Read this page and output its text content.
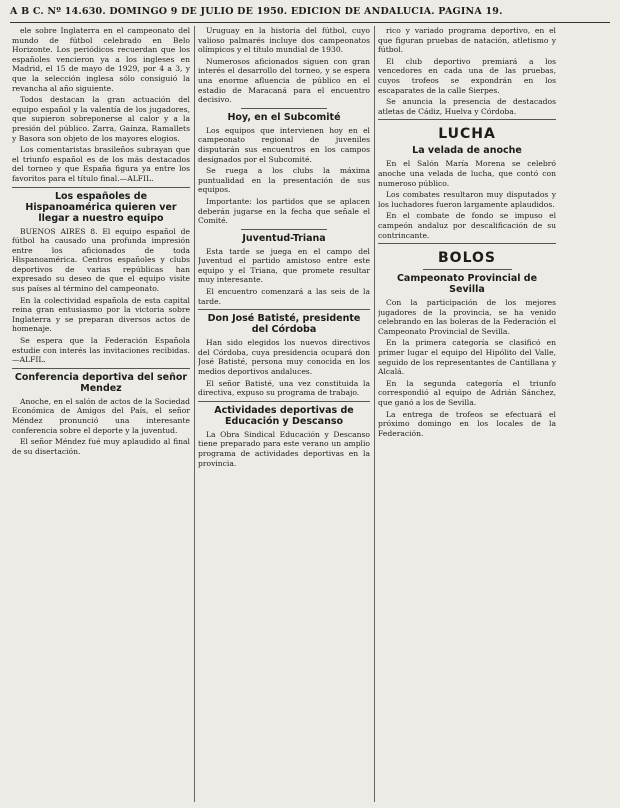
A B C. Nº 14.630. DOMINGO 9 DE JULIO DE 1950. EDICION DE ANDALUCIA. PAGINA 19.

ele sobre Inglaterra en el campeonato del mundo de fútbol celebrado en Belo Horizonte. Los periódicos recuerdan que los españoles vencieron ya a los ingleses en Madrid, el 15 de mayo de 1929, por 4 a 3, y que la selección inglesa sólo consiguió la revancha al año siguiente.

Todos destacan la gran actuación del equipo español y la valentía de los jugadores, que supieron sobreponerse al calor y a la presión del público. Zarra, Gaínza, Ramallets y Basora son objeto de los mayores elogios.

Los comentaristas brasileños subrayan que el triunfo español es de los más destacados del torneo y que España figura ya entre los favoritos para el título final.—ALFIL.

Los españoles de Hispanoamérica quieren ver llegar a nuestro equipo

BUENOS AIRES 8. El equipo español de fútbol ha causado una profunda impresión entre los aficionados de toda Hispanoamérica. Centros españoles y clubs deportivos de varias repúblicas han expresado su deseo de que el equipo visite sus países al término del campeonato.

En la colectividad española de esta capital reina gran entusiasmo por la victoria sobre Inglaterra y se preparan diversos actos de homenaje.

Se espera que la Federación Española estudie con interés las invitaciones recibidas.—ALFIL.

Conferencia deportiva del señor Mendez

Anoche, en el salón de actos de la Sociedad Económica de Amigos del País, el señor Méndez pronunció una interesante conferencia sobre el deporte y la juventud.

El señor Méndez fué muy aplaudido al final de su disertación.

Uruguay en la historia del fútbol, cuyo valioso palmarés incluye dos campeonatos olímpicos y el título mundial de 1930.

Numerosos aficionados siguen con gran interés el desarrollo del torneo, y se espera una enorme afluencia de público en el estadio de Maracaná para el encuentro decisivo.

Hoy, en el Subcomité

Los equipos que intervienen hoy en el campeonato regional de juveniles disputarán sus encuentros en los campos designados por el Subcomité.

Se ruega a los clubs la máxima puntualidad en la presentación de sus equipos.

Importante: los partidos que se aplacen deberán jugarse en la fecha que señale el Comité.

Juventud-Triana

Esta tarde se juega en el campo del Juventud el partido amistoso entre este equipo y el Triana, que promete resultar muy interesante.

El encuentro comenzará a las seis de la tarde.

Don José Batisté, presidente del Córdoba

Han sido elegidos los nuevos directivos del Córdoba, cuya presidencia ocupará don José Batisté, persona muy conocida en los medios deportivos andaluces.

El señor Batisté, una vez constituida la directiva, expuso su programa de trabajo.

Actividades deportivas de Educación y Descanso

La Obra Sindical Educación y Descanso tiene preparado para este verano un amplio programa de actividades deportivas en la provincia.

rico y variado programa deportivo, en el que figuran pruebas de natación, atletismo y fútbol.

El club deportivo premiará a los vencedores en cada una de las pruebas, cuyos trofeos se expondrán en los escaparates de la calle Sierpes.

Se anuncia la presencia de destacados atletas de Cádiz, Huelva y Córdoba.

LUCHA
La velada de anoche

En el Salón María Morena se celebró anoche una velada de lucha, que contó con numeroso público.

Los combates resultaron muy disputados y los luchadores fueron largamente aplaudidos.

En el combate de fondo se impuso el campeón andaluz por descalificación de su contrincante.

BOLOS
Campeonato Provincial de Sevilla

Con la participación de los mejores jugadores de la provincia, se ha venido celebrando en las boleras de la Federación el Campeonato Provincial de Sevilla.

En la primera categoría se clasificó en primer lugar el equipo del Hipólito del Valle, seguido de los representantes de Cantillana y Alcalá.

En la segunda categoría el triunfo correspondió al equipo de Adrián Sánchez, que ganó a los de Sevilla.

La entrega de trofeos se efectuará el próximo domingo en los locales de la Federación.
